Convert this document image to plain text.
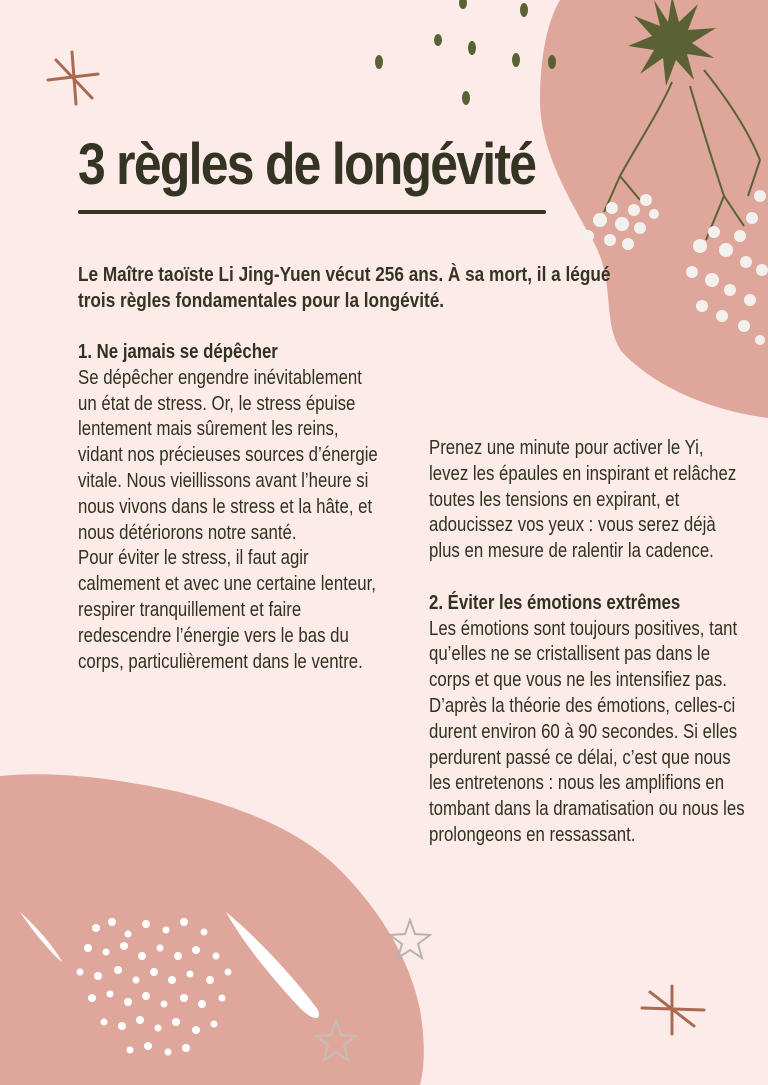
3 règles de longévité

Le Maître taoïste Li Jing-Yuen vécut 256 ans. À sa mort, il a légué trois règles fondamentales pour la longévité.

1. Ne jamais se dépêcher

Se dépêcher engendre inévitablement un état de stress. Or, le stress épuise lentement mais sûrement les reins, vidant nos précieuses sources d’énergie vitale. Nous vieillissons avant l’heure si nous vivons dans le stress et la hâte, et nous détériorons notre santé.

Pour éviter le stress, il faut agir calmement et avec une certaine lenteur, respirer tranquillement et faire redescendre l’énergie vers le bas du corps, particulièrement dans le ventre.

Prenez une minute pour activer le Yi, levez les épaules en inspirant et relâchez toutes les tensions en expirant, et adoucissez vos yeux : vous serez déjà plus en mesure de ralentir la cadence.

2. Éviter les émotions extrêmes

Les émotions sont toujours positives, tant qu’elles ne se cristallisent pas dans le corps et que vous ne les intensifiez pas. D’après la théorie des émotions, celles-ci durent environ 60 à 90 secondes. Si elles perdurent passé ce délai, c’est que nous les entretenons : nous les amplifions en tombant dans la dramatisation ou nous les prolongeons en ressassant.
